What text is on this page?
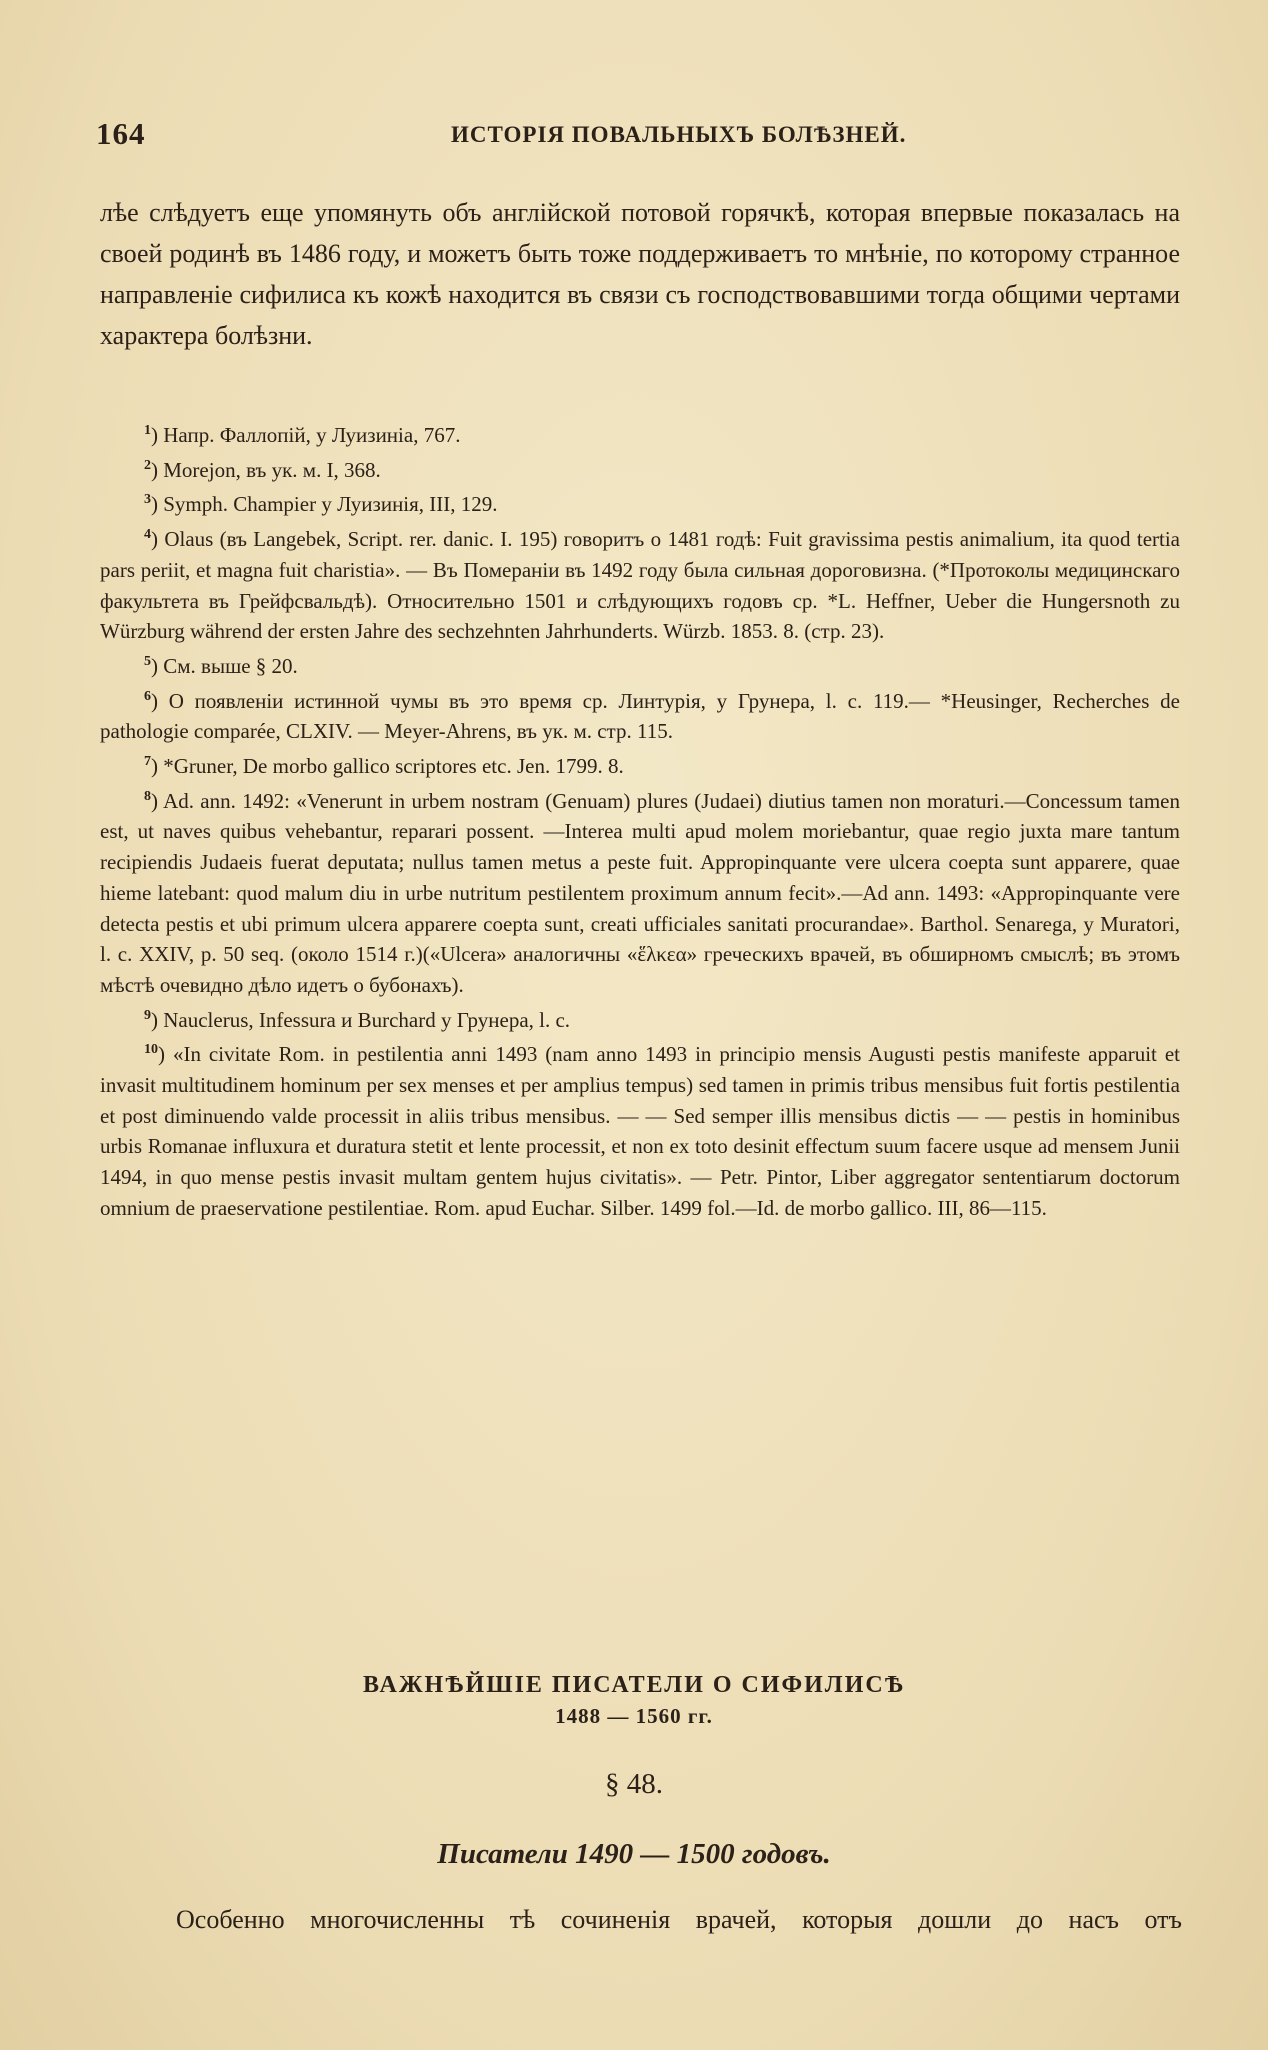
164	ИСТОРІЯ ПОВАЛЬНЫХЪ БОЛѢЗНЕЙ.

лѣе слѣдуетъ еще упомянуть объ англійской потовой горячкѣ, которая впервые показалась на своей родинѣ въ 1486 году, и можетъ быть тоже поддерживаетъ то мнѣніе, по которому странное направленіе сифилиса къ кожѣ находится въ связи съ господствовавшими тогда общими чертами характера болѣзни.

$^1$) Напр. Фаллопій, у Луизиніа, 767.

$^2$) Morejon, въ ук. м. I, 368.

$^3$) Symph. Champier у Луизинія, III, 129.

$^4$) Olaus (въ Langebek, Script. rer. danic. I. 195) говоритъ о 1481 годѣ: Fuit gravissima pestis animalium, ita quod tertia pars periit, et magna fuit charistia». — Въ Померaніи въ 1492 году была сильная дороговизна. (*Протоколы медицинскаго факультета въ Грейфсвальдѣ). Относительно 1501 и слѣдующихъ годовъ ср. *L. Heffner, Ueber die Hungersnoth zu Würzburg während der ersten Jahre des sechzehnten Jahrhunderts. Würzb. 1853. 8. (стр. 23).

$^5$) См. выше § 20.

$^6$) О появленіи истинной чумы въ это время ср. Линтурія, у Грунера, l. c. 119.— *Heusinger, Recherches de pathologie comparée, CLXIV. — Meyer-Ahrens, въ ук. м. стр. 115.

$^7$) *Gruner, De morbo gallico scriptores etc. Jen. 1799. 8.

$^8$) Ad. ann. 1492: «Venerunt in urbem nostram (Genuam) plures (Judaei) diutius tamen non moraturi.—Concessum tamen est, ut naves quibus vehebantur, reparari possent. —Interea multi apud molem moriebantur, quae regio juxta mare tantum recipiendis Judaeis fuerat deputata; nullus tamen metus a peste fuit. Appropinquante vere ulcera coepta sunt apparere, quae hieme latebant: quod malum diu in urbe nutritum pestilentem proximum annum fecit».—Ad ann. 1493: «Appropinquante vere detecta pestis et ubi primum ulcera apparere coepta sunt, creati ufficiales sanitati procurandae». Barthol. Senarega, у Muratori, l. c. XXIV, p. 50 seq. (около 1514 г.)(«Ulcera» аналогичны «ἕλκεα» греческихъ врачей, въ обширномъ смыслѣ; въ этомъ мѣстѣ очевидно дѣло идетъ о бубонахъ).

$^9$) Nauclerus, Infessura и Burchard у Грунера, l. c.

$^{10}$) «In civitate Rom. in pestilentia anni 1493 (nam anno 1493 in principio mensis Augusti pestis manifeste apparuit et invasit multitudinem hominum per sex menses et per amplius tempus) sed tamen in primis tribus mensibus fuit fortis pestilentia et post diminuendo valde processit in aliis tribus mensibus. — — Sed semper illis mensibus dictis — — pestis in hominibus urbis Romanae influxura et duratura stetit et lente processit, et non ex toto desinit effectum suum facere usque ad mensem Junii 1494, in quo mense pestis invasit multam gentem hujus civitatis». — Petr. Pintor, Liber aggregator sententiarum doctorum omnium de praeservatione pestilentiae. Rom. apud Euchar. Silber. 1499 fol.—Id. de morbo gallico. III, 86—115.

ВАЖНѢЙШІЕ ПИСАТЕЛИ О СИФИЛИСѢ
1488 — 1560 гг.
§ 48.
Писатели 1490 — 1500 годовъ.
Особенно многочисленны тѣ сочиненія врачей, которыя дошли до насъ отъ
